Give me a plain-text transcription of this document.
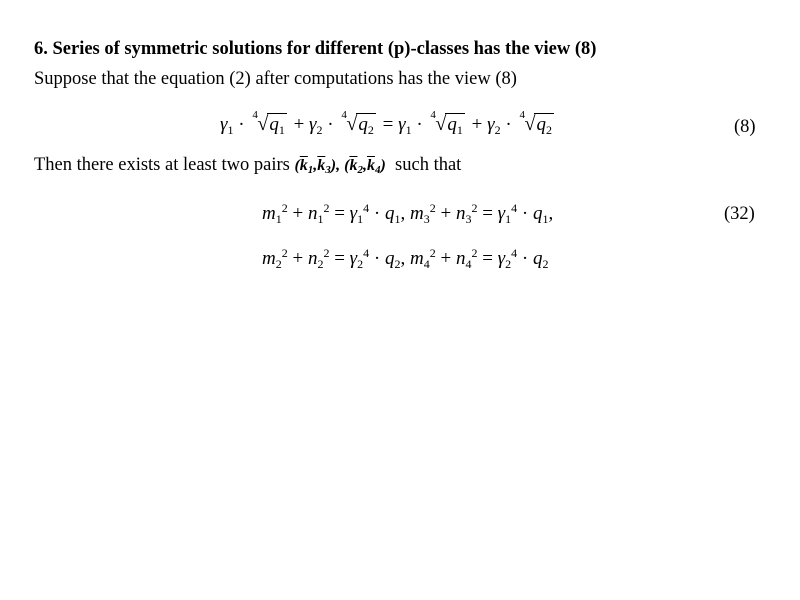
6. Series of symmetric solutions for different (p)-classes has the view (8)
Suppose that the equation (2) after computations has the view (8)
$\gamma_1 \cdot 4$ √ $q_1 + \gamma_2 \cdot 4$ √ $q_2 = \gamma_1 \cdot 4$ √ $q_1 + \gamma_2 \cdot 4$ √ $q_2$	(8)
Then there exists at least two pairs $(\overline{k}_1,\overline{k}_3)$, $(\overline{k}_2,\overline{k}_4)$ such that
$m_1^2 + n_1^2 = \gamma_1^4 \cdot q_1$, $m_3^2 + n_3^2 = \gamma_1^4 \cdot q_1$,	(32)
$m_2^2 + n_2^2 = \gamma_2^4 \cdot q_2$, $m_4^2 + n_4^2 = \gamma_2^4 \cdot q_2$
